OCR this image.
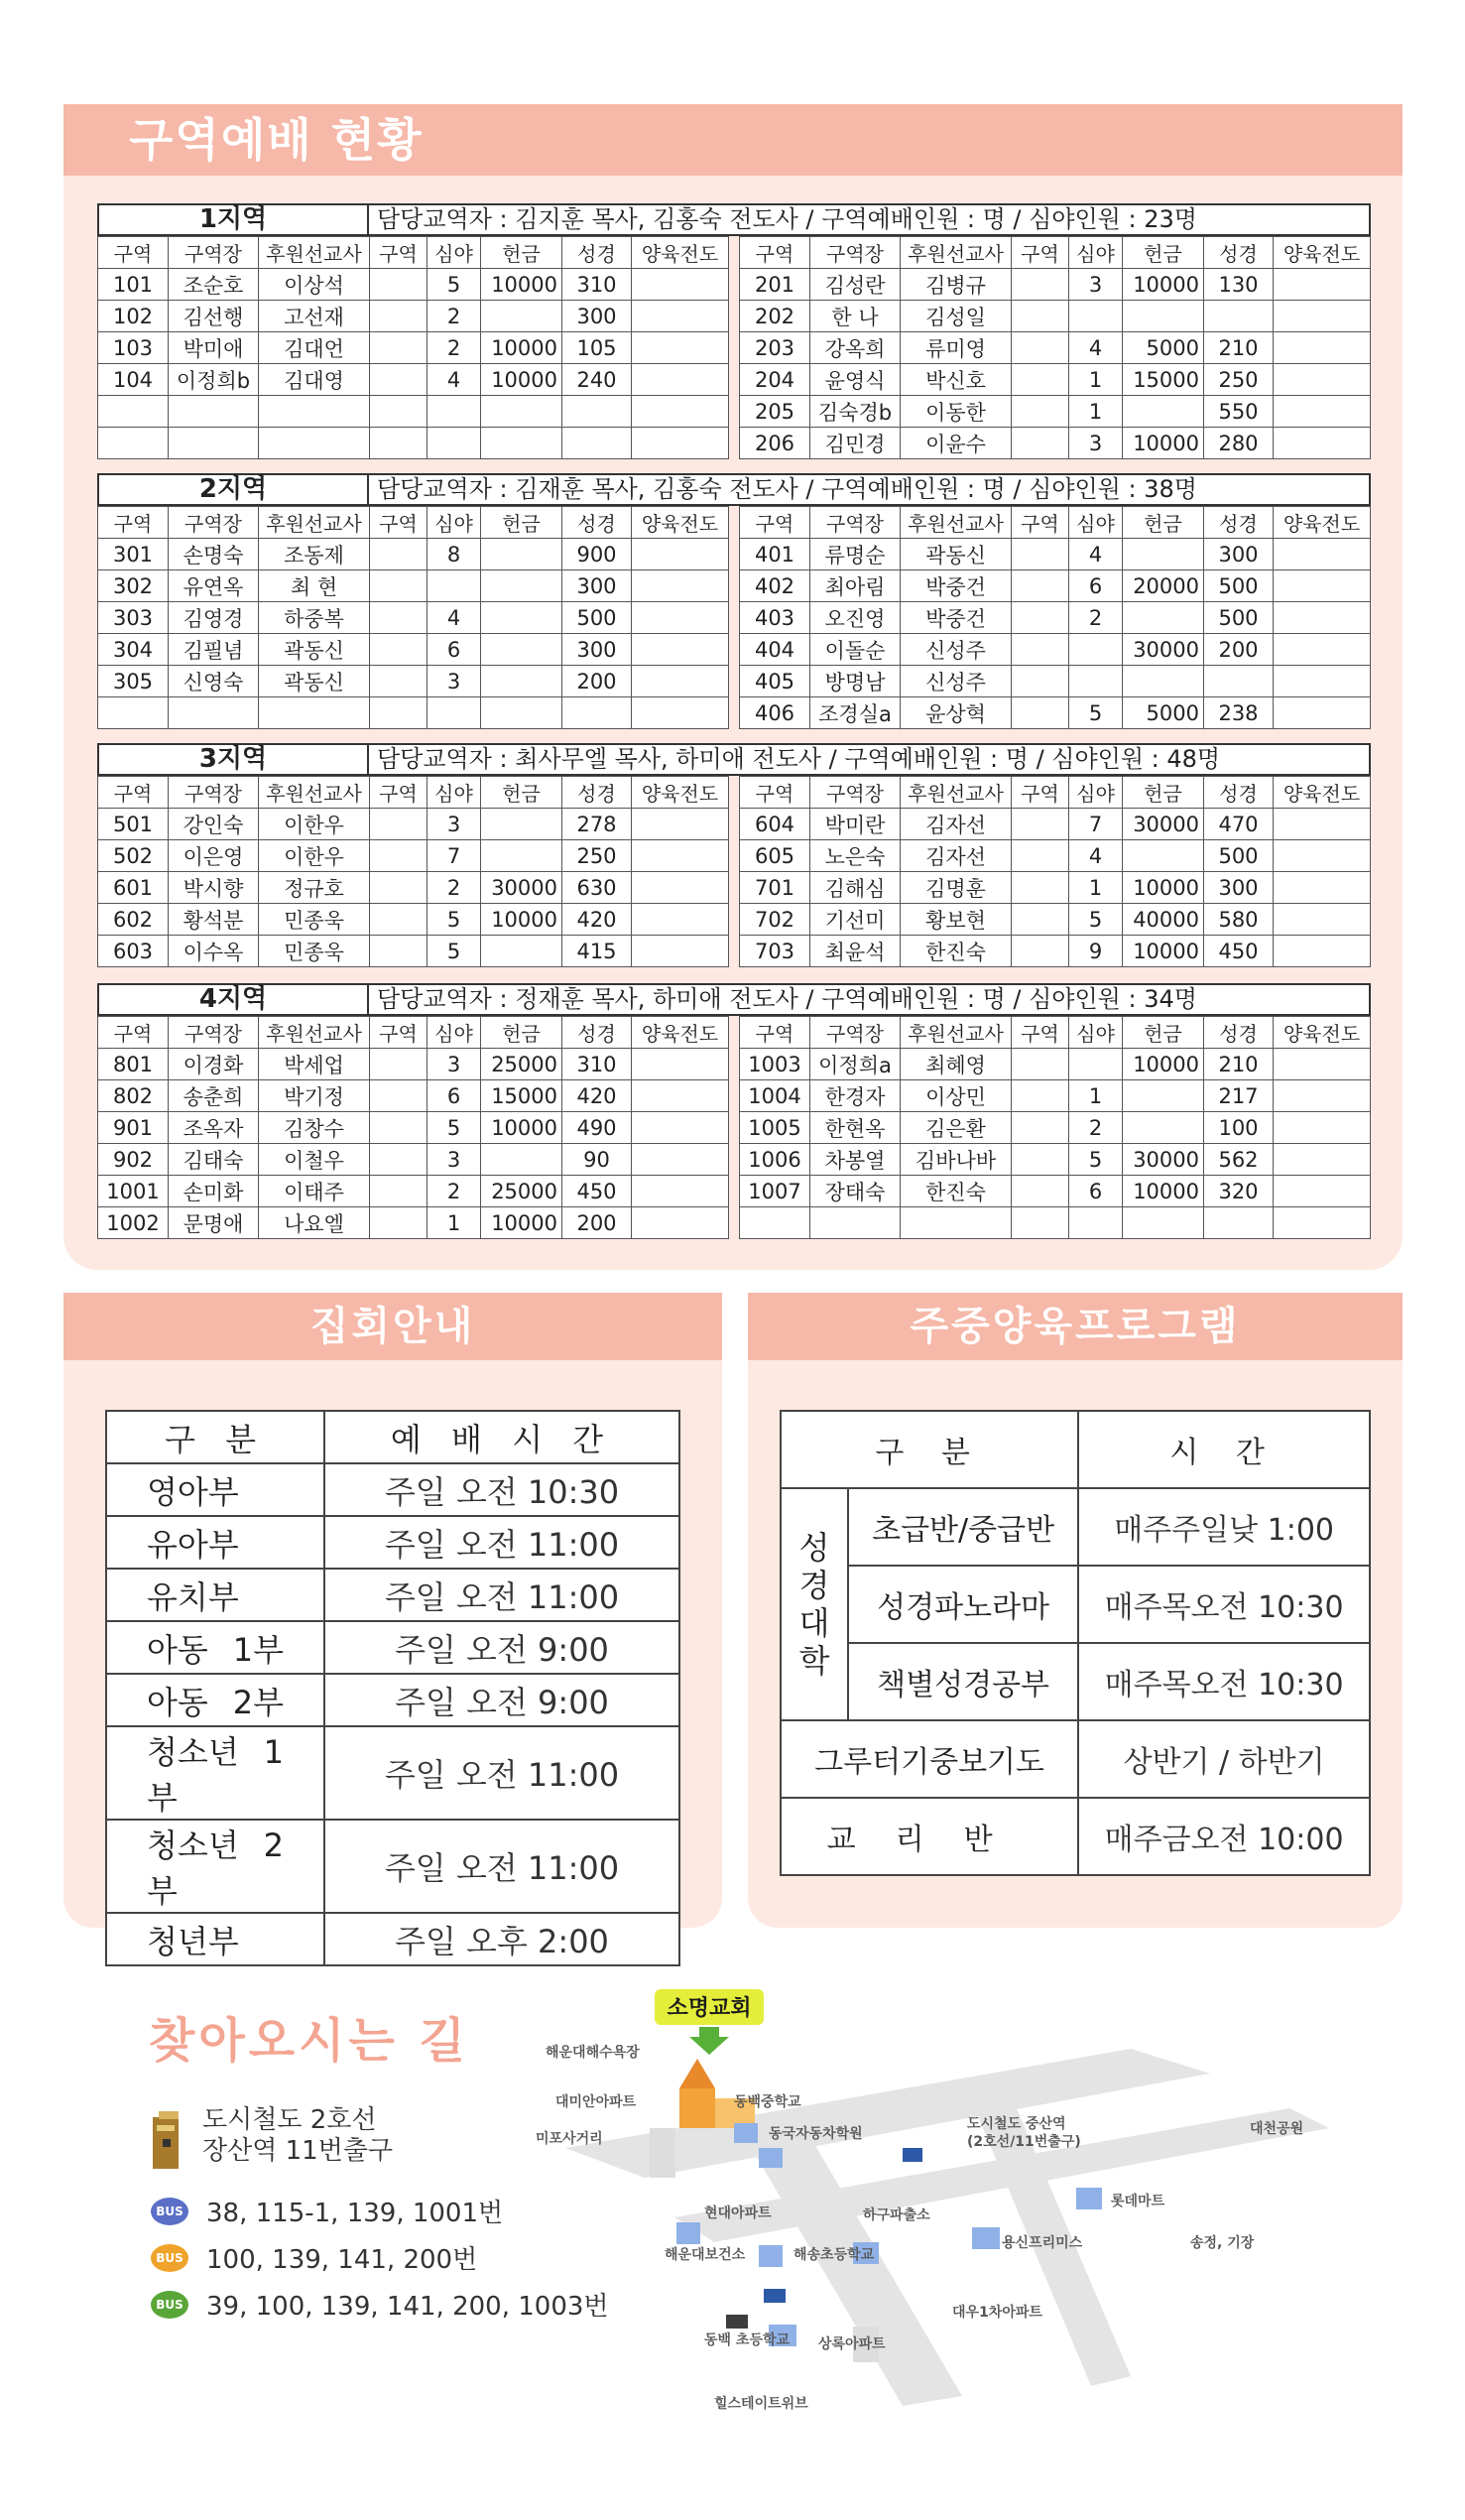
구역예배 현황
1지역	담당교역자 : 김지훈 목사, 김홍숙 전도사 / 구역예배인원 : 명 / 심야인원 : 23명
구역	구역장	후원선교사	구역	심야	헌금	성경	양육전도
101	조순호	이상석		5	10000	310	
102	김선행	고선재		2		300	
103	박미애	김대언		2	10000	105	
104	이정희b	김대영		4	10000	240	

구역	구역장	후원선교사	구역	심야	헌금	성경	양육전도
201	김성란	김병규		3	10000	130	
202	한 나	김성일					
203	강옥희	류미영		4	5000	210	
204	윤영식	박신호		1	15000	250	
205	김숙경b	이동한		1		550	
206	김민경	이윤수		3	10000	280	
2지역	담당교역자 : 김재훈 목사, 김홍숙 전도사 / 구역예배인원 : 명 / 심야인원 : 38명
구역	구역장	후원선교사	구역	심야	헌금	성경	양육전도
301	손명숙	조동제		8		900	
302	유연옥	최 현				300	
303	김영경	하중복		4		500	
304	김필념	곽동신		6		300	
305	신영숙	곽동신		3		200	

구역	구역장	후원선교사	구역	심야	헌금	성경	양육전도
401	류명순	곽동신		4		300	
402	최아림	박중건		6	20000	500	
403	오진영	박중건		2		500	
404	이돌순	신성주			30000	200	
405	방명남	신성주					
406	조경실a	윤상혁		5	5000	238	
3지역	담당교역자 : 최사무엘 목사, 하미애 전도사 / 구역예배인원 : 명 / 심야인원 : 48명
구역	구역장	후원선교사	구역	심야	헌금	성경	양육전도
501	강인숙	이한우		3		278	
502	이은영	이한우		7		250	
601	박시향	정규호		2	30000	630	
602	황석분	민종욱		5	10000	420	
603	이수옥	민종욱		5		415	
구역	구역장	후원선교사	구역	심야	헌금	성경	양육전도
604	박미란	김자선		7	30000	470	
605	노은숙	김자선		4		500	
701	김해심	김명훈		1	10000	300	
702	기선미	황보현		5	40000	580	
703	최윤석	한진숙		9	10000	450	
4지역	담당교역자 : 정재훈 목사, 하미애 전도사 / 구역예배인원 : 명 / 심야인원 : 34명
구역	구역장	후원선교사	구역	심야	헌금	성경	양육전도
801	이경화	박세업		3	25000	310	
802	송춘희	박기정		6	15000	420	
901	조옥자	김창수		5	10000	490	
902	김태숙	이철우		3		90	
1001	손미화	이태주		2	25000	450	
1002	문명애	나요엘		1	10000	200	
구역	구역장	후원선교사	구역	심야	헌금	성경	양육전도
1003	이정희a	최혜영			10000	210	
1004	한경자	이상민		1		217	
1005	한현옥	김은환		2		100	
1006	차봉열	김바나바		5	30000	562	
1007	장태숙	한진숙		6	10000	320	

집회안내
구 분	예 배 시 간
영아부	주일 오전 10:30
유아부	주일 오전 11:00
유치부	주일 오전 11:00
아동 1부	주일 오전 9:00
아동 2부	주일 오전 9:00
청소년 1부	주일 오전 11:00
청소년 2부	주일 오전 11:00
청년부	주일 오후 2:00
주중양육프로그램
구 분		시 간

성
경
대
학	초급반/중급반	매주주일낮 1:00
	성경파노라마	매주목오전 10:30
	책별성경공부	매주목오전 10:30
그루터기중보기도		상반기 / 하반기
교리반		매주금오전 10:00
찾아오시는 길
도시철도 2호선
장산역 11번출구
BUS 38, 115-1, 139, 1001번
BUS 100, 139, 141, 200번
BUS 39, 100, 139, 141, 200, 1003번
소명교회
해운대해수욕장
대미안아파트
미포사거리
동백중학교
동국자동차학원
현대아파트
해운대보건소
하구파출소
해송초등학교
동백 초등학교 상록아파트
도시철도 중산역
(2호선/11번출구)
대천공원
롯데마트
용신프리미스	송정, 기장
대우1차아파트
힐스테이트위브
